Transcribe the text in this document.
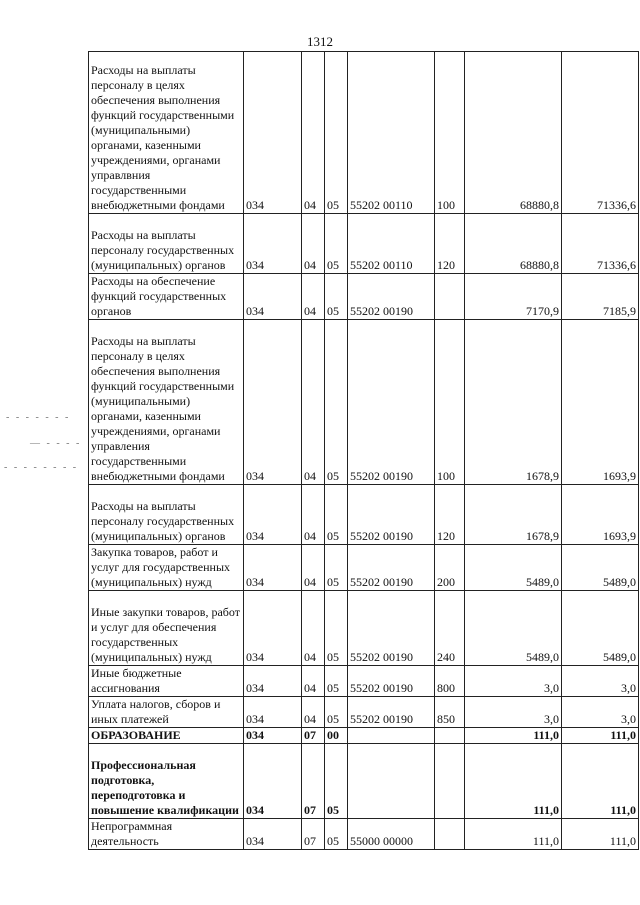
1312
- - - - - - -
— - - - -
- - - - - - - -
Расходы на выплаты персоналу в целях обеспечения выполнения функций государственными (муниципальными) органами, казенными учреждениями, органами управлвния государственными внебюджетными фондами	034	04	05	55202 00110	100	68880,8	71336,6
Расходы на выплаты персоналу государственных (муниципальных) органов	034	04	05	55202 00110	120	68880,8	71336,6
Расходы на обеспечение функций государственных органов	034	04	05	55202 00190		7170,9	7185,9
Расходы на выплаты персоналу в целях обеспечения выполнения функций государственными (муниципальными) органами, казенными учреждениями, органами управления государственными внебюджетными фондами	034	04	05	55202 00190	100	1678,9	1693,9
Расходы на выплаты персоналу государственных (муниципальных) органов	034	04	05	55202 00190	120	1678,9	1693,9
Закупка товаров, работ и услуг для государственных (муниципальных) нужд	034	04	05	55202 00190	200	5489,0	5489,0
Иные закупки товаров, работ и услуг для обеспечения государственных (муниципальных) нужд	034	04	05	55202 00190	240	5489,0	5489,0
Иные бюджетные ассигнования	034	04	05	55202 00190	800	3,0	3,0
Уплата налогов, сборов и иных платежей	034	04	05	55202 00190	850	3,0	3,0
ОБРАЗОВАНИЕ	034	07	00			111,0	111,0
Профессиональная подготовка, переподготовка и повышение квалификации	034	07	05			111,0	111,0
Непрограммная деятельность	034	07	05	55000 00000		111,0	111,0
